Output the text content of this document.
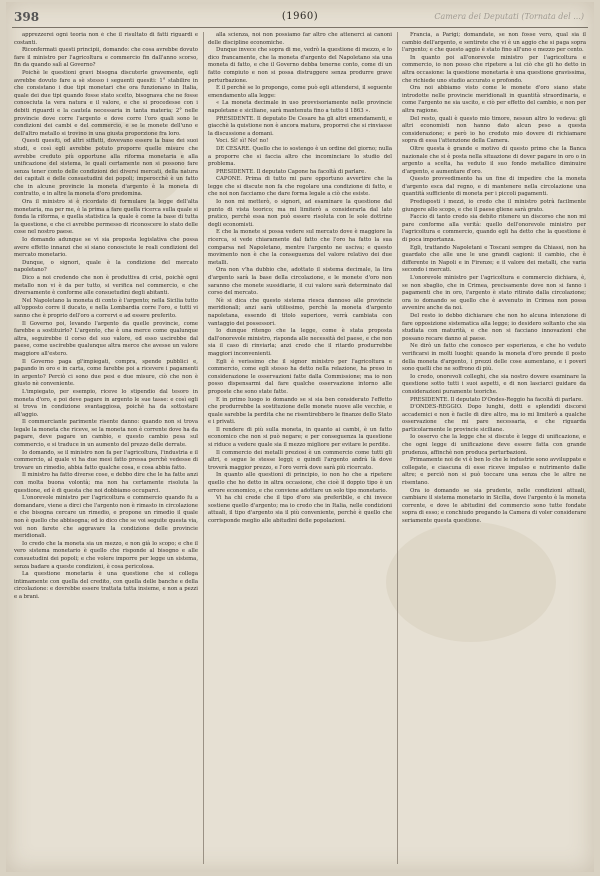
398	(1960)	Camera dei Deputati (Tornata del ...)

apprezzerei ogni teoria non è che il risultato di fatti riguardi e costanti.

Riconfermati questi principii, domando: che cosa avrebbe dovuto fare il ministro per l'agricoltura e commercio fin dall'anno scorso, fin da quando salì al Governo?

Poichè le questioni gravi bisogna discuterle gravemente, egli avrebbe dovuto fare a sè stesso i seguenti quesiti: 1° stabilire in che consistano i due tipi monetari che ora funzionano in Italia, quale dei due tipi quando fosse stato scelto, bisognava che ne fosse conosciuta la vera natura e il valore, e che si procedesse con i debiti riguardi e la cautela necessaria in tanta materia; 2° nelle provincie dove corre l'argento e dove corre l'oro quali sono le condizioni dei cambi e del commercio, e se le monete dell'uno e dell'altro metallo si trovino in una giusta proporzione fra loro.

Questi quesiti, od altri siffatti, dovevano essere la base dei suoi studi, e così egli avrebbe potuto proporre quelle misure che avrebbe creduto più opportune alla riforma monetaria e alla unificazione del sistema, le quali certamente non si possono fare senza tener conto delle condizioni dei diversi mercati, della natura dei capitali e delle consuetudini dei popoli; imperocchè è un fatto che in alcune provincie la moneta d'argento è la moneta di contratto, e in altre la moneta d'oro predomina.

Ora il ministro si è ricordato di formulare la legge dell'alta monetaria, ma per me, è la prima a fare quella ricerca sulla quale si fonda la riforma, e quella statistica la quale è come la base di tutta la questione, e che ci avrebbe permesso di riconoscere lo stato delle cose nel nostro paese.

Io domando adunque se vi sia proposta legislativa che possa avere effetto innanzi che si siano conosciute le reali condizioni del mercato monetario.

Dunque, o signori, quale è la condizione del mercato napoletano?

Dico a noi credendo che non è produttiva di crisi, poichè ogni metallo non vi è da per tutto, si verifica nel commercio, e che diversamente è conforme alle consuetudini degli abitanti.

Nel Napoletano la moneta di conto è l'argento; nella Sicilia tutto all'opposto corre il ducato, e nella Lombardia corre l'oro, e tutti vi sanno che è proprio dell'oro a corrervi e ad essere preferito.

Il Governo poi, levando l'argento da quelle provincie, come farebbe a sostituirlo? L'argento, che è una merce come qualunque altra, seguirebbe il corso del suo valore, ed esso uscirebbe dal paese, come uscirebbe qualunque altra merce che avesse un valore maggiore all'estero.

Il Governo paga gl'impiegati, compra, spende pubblici e, pagando in oro e in carta, come farebbe poi a ricevere i pagamenti in argento? Perciò ci sono due pesi e due misure, ciò che non è giusto nè conveniente.

L'impiegato, per esempio, riceve lo stipendio dal tesoro in moneta d'oro, e poi deve pagare in argento le sue tasse: e così egli si trova in condizione svantaggiosa, poichè ha da sottostare all'aggio.

Il commerciante parimente risente danno: quando non si trova legale la moneta che riceve, se la moneta non è corrente dove ha da pagare, deve pagare un cambio, e questo cambio pesa sul commercio, e si traduce in un aumento del prezzo delle derrate.

Io domando, se il ministro non fa per l'agricoltura, l'industria e il commercio, al quale vi ha due mesi fatto pressa perchè vedesse di trovare un rimedio, abbia fatto qualche cosa, e cosa abbia fatto.

Il ministro ha fatto diverse cose, e debbo dire che le ha fatte anzi con molta buona volontà; ma non ha certamente risoluta la questione, ed è di questa che noi dobbiamo occuparci.

L'onorevole ministro per l'agricoltura e commercio quando fu a domandare, viene a dirci che l'argento non è rimasto in circolazione e che bisogna cercare un rimedio, e propone un rimedio il quale non è quello che abbisogna; ed io dico che se voi seguite questa via, voi non farete che aggravare la condizione delle provincie meridionali.

Io credo che la moneta sia un mezzo, e non già lo scopo; e che il vero sistema monetario è quello che risponde al bisogno e alle consuetudini dei popoli; e che volere imporre per legge un sistema, senza badare a queste condizioni, è cosa pericolosa.

La questione monetaria è una questione che si collega intimamente con quella del credito, con quella delle banche e della circolazione: e dovrebbe essere trattata tutta insieme, e non a pezzi e a brani.

alla scienza, noi non possiamo far altro che attenerci ai canoni delle discipline economiche.

Dunque invece che sopra di me, vedrò la questione di mezzo, e lo dico francamente, che la moneta d'argento del Napoletano sia una moneta di fatto, e che il Governo debba tenerne conto, come di un fatto compiuto e non si possa distruggere senza produrre grave perturbazione.

E il perchè se lo propongo, come può egli attendersi, il seguente emendamento alla legge:

« La moneta decimale in uso provvisoriamente nelle provincie napoletane e siciliane, sarà mantenuta fino a tutto il 1863 ».

PRESIDENTE. Il deputato De Cesare ha gli altri emendamenti, e giacchè la quistione non è ancora matura, proporrei che si rinviasse la discussione a domani.

Voci. Sì! sì! No! no!

DE CESARE. Quello che io sostengo è un ordine del giorno; nulla a proporre che si faccia altro che incominciare lo studio del problema.

PRESIDENTE. Il deputato Capone ha facoltà di parlare.

CAPONE. Prima di tutto mi pare opportuno avvertire che la legge che si discute non fa che regolare una condizione di fatto, e che noi non facciamo che dare forma legale a ciò che esiste.

Io non mi metterò, o signori, ad esaminare la questione dal punto di vista teorico; ma mi limiterò a considerarla dal lato pratico, perchè essa non può essere risoluta con le sole dottrine degli economisti.

E che la monete si possa vedere sul mercato dove è maggiore la ricerca, si vede chiaramente dal fatto che l'oro ha fatto la sua comparsa nel Napoletano, mentre l'argento ne usciva; e questo movimento non è che la conseguenza del valore relativo dei due metalli.

Ora non v'ha dubbio che, adottato il sistema decimale, la lira d'argento sarà la base della circolazione, e le monete d'oro non saranno che monete sussidiarie, il cui valore sarà determinato dal corso del mercato.

Nè si dica che questo sistema riesca dannoso alle provincie meridionali; anzi sarà utilissimo, perchè la moneta d'argento napoletana, essendo di titolo superiore, verrà cambiata con vantaggio dei possessori.

Io dunque ritengo che la legge, come è stata proposta dall'onorevole ministro, risponda alle necessità del paese, e che non sia il caso di rinviarla; anzi credo che il ritardo produrrebbe maggiori inconvenienti.

Egli è verissimo che il signor ministro per l'agricoltura e commercio, come egli stesso ha detto nella relazione, ha preso in considerazione le osservazioni fatte dalla Commissione; ma io non posso dispensarmi dal fare qualche osservazione intorno alle proposte che sono state fatte.

E in primo luogo io domando se si sia ben considerato l'effetto che produrrebbe la sostituzione delle monete nuove alle vecchie, e quale sarebbe la perdita che ne risentirebbero le finanze dello Stato e i privati.

Il rendere di più sulla moneta, in quanto ai cambi, è un fatto economico che non si può negare; e per conseguenza la questione si riduce a vedere quale sia il mezzo migliore per evitare le perdite.

Il commercio dei metalli preziosi è un commercio come tutti gli altri, e segue le stesse leggi; e quindi l'argento andrà là dove troverà maggior prezzo, e l'oro verrà dove sarà più ricercato.

In quanto alle questioni di principio, io non ho che a ripetere quello che ho detto in altra occasione, che cioè il doppio tipo è un errore economico, e che conviene adottare un solo tipo monetario.

Vi ha chi crede che il tipo d'oro sia preferibile, e chi invece sostiene quello d'argento; ma io credo che in Italia, nelle condizioni attuali, il tipo d'argento sia il più conveniente, perchè è quello che corrisponde meglio alle abitudini delle popolazioni.

Francia, a Parigi; domandate, se non fosse vero, qual sia il cambio dell'argento, e sentirete che vi è un aggio che si paga sopra l'argento; e che questo aggio è stato fino all'uno e mezzo per cento.

In quanto poi all'onorevole ministro per l'agricoltura e commercio, io non posso che ripetere a lui ciò che gli ho detto in altra occasione: la questione monetaria è una questione gravissima, che richiede uno studio accurato e profondo.

Ora noi abbiamo visto come le monete d'oro siano state introdotte nelle provincie meridionali in quantità straordinaria, e come l'argento ne sia uscito, e ciò per effetto del cambio, e non per altra ragione.

Del resto, quali è questo mio timore, nessun altro lo vedeva: gli altri economisti non hanno dato alcun peso a questa considerazione; e però io ho creduto mio dovere di richiamare sopra di essa l'attenzione della Camera.

Oltre questa è grande e motivo di questo primo che la Banca nazionale che si è posta nella situazione di dover pagare in oro o in argento a scelta, ha veduto il suo fondo metallico diminuire d'argento, e aumentare d'oro.

Questo provvedimento ha un fine di impedire che la moneta d'argento esca dal regno, e di mantenere nella circolazione una quantità sufficiente di moneta per i piccoli pagamenti.

Predisposti i mezzi, io credo che il ministro potrà facilmente giungere allo scopo, e che il paese gliene sarà grato.

Faccio di tanto credo sia debito ritenere un discorso che non mi pare conforme alla verità: quello dell'onorevole ministro per l'agricoltura e commercio, quando egli ha detto che la questione è di poca importanza.

Egli, trattando Napoletani e Toscani sempre da Chiassi, non ha guardato che alle une le une grandi cagioni: il cambio, che è differente in Napoli e in Firenze; e il valore dei metalli, che varia secondo i mercati.

L'onorevole ministro per l'agricoltura e commercio dichiara, è, se non sbaglio, che in Crimea, precisamente dove non si fanno i pagamenti che in oro, l'argento è stato ritirato dalla circolazione; ora io domando se quello che è avvenuto in Crimea non possa avvenire anche da noi.

Del resto io debbo dichiarare che non ho alcuna intenzione di fare opposizione sistematica alla legge; io desidero soltanto che sia studiata con maturità, e che non si facciano innovazioni che possano recare danno al paese.

Ne dirò un fatto che conosco per esperienza, e che ho veduto verificarsi in molti luoghi: quando la moneta d'oro prende il posto della moneta d'argento, i prezzi delle cose aumentano, e i poveri sono quelli che ne soffrono di più.

Io credo, onorevoli colleghi, che sia nostro dovere esaminare la questione sotto tutti i suoi aspetti, e di non lasciarci guidare da considerazioni puramente teoriche.

PRESIDENTE. Il deputato D'Ondes-Reggio ha facoltà di parlare.

D'ONDES-REGGIO. Dopo lunghi, dotti e splendidi discorsi accademici e non è facile di dire altro, ma io mi limiterò a qualche osservazione che mi pare necessaria, e che riguarda particolarmente le provincie siciliane.

Io osservo che la legge che si discute è legge di unificazione, e che ogni legge di unificazione deve essere fatta con grande prudenza, affinchè non produca perturbazioni.

Primamente noi de vi è ben lo che le industrie sono avviluppate e collegate, e ciascuna di esse riceve impulso e nutrimento dalle altre; e perciò non si può toccare una senza che le altre ne risentano.

Ora io domando se sia prudente, nelle condizioni attuali, cambiare il sistema monetario in Sicilia, dove l'argento è la moneta corrente, e dove le abitudini del commercio sono tutte fondate sopra di esso; e conchiudo pregando la Camera di voler considerare seriamente questa questione.
